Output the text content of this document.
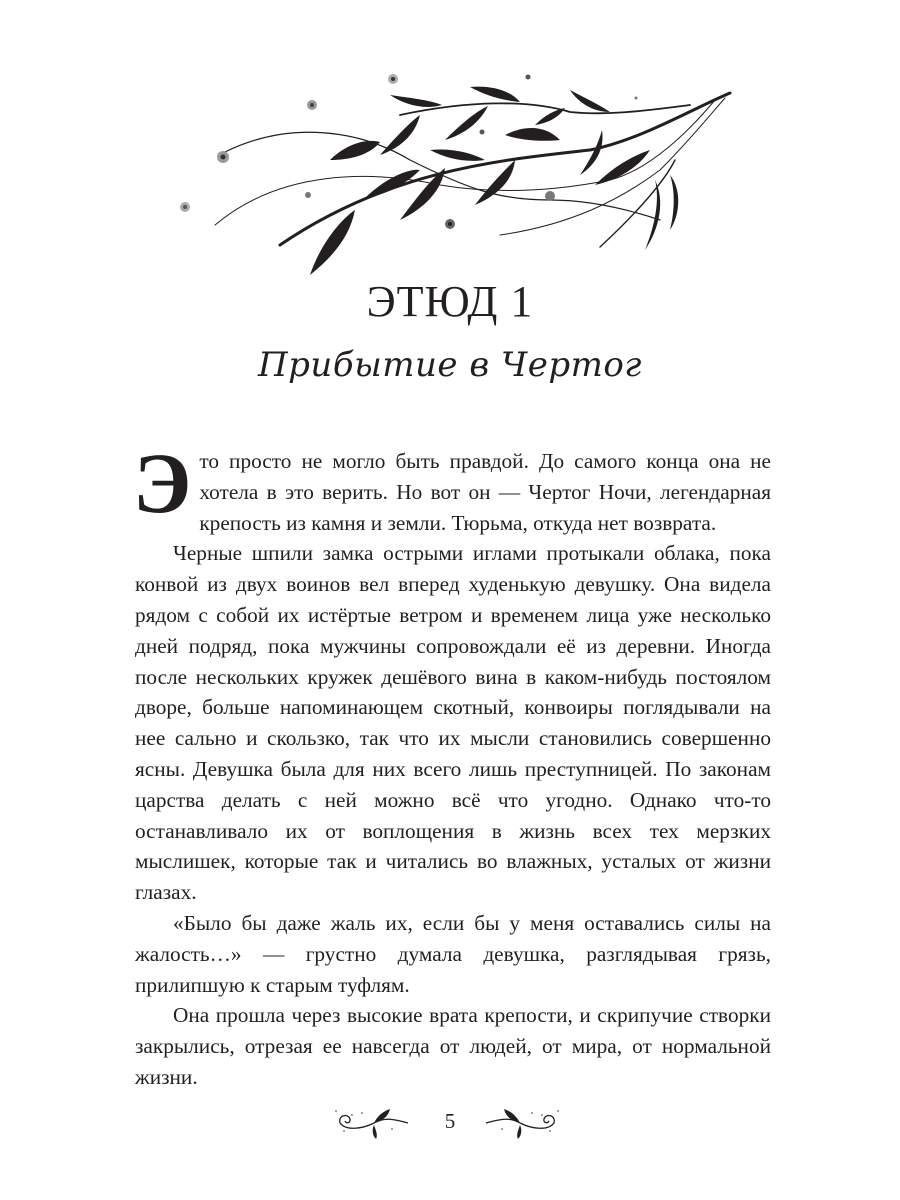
ЭТЮД 1
Прибытие в Чертог

Это просто не могло быть правдой. До самого конца она не хотела в это верить. Но вот он — Чертог Ночи, легендарная крепость из камня и земли. Тюрьма, откуда нет возврата.

Черные шпили замка острыми иглами протыкали облака, пока конвой из двух воинов вел вперед худенькую девушку. Она видела рядом с собой их истёртые ветром и временем лица уже несколько дней подряд, пока мужчины сопровождали её из деревни. Иногда после нескольких кружек дешёвого вина в каком-нибудь постоялом дворе, больше напоминающем скотный, конвоиры поглядывали на нее сально и скользко, так что их мысли становились совершенно ясны. Девушка была для них всего лишь преступницей. По законам царства делать с ней можно всё что угодно. Однако что-то останавливало их от воплощения в жизнь всех тех мерзких мыслишек, которые так и читались во влажных, усталых от жизни глазах.

«Было бы даже жаль их, если бы у меня оставались силы на жалость…» — грустно думала девушка, разглядывая грязь, прилипшую к старым туфлям.

Она прошла через высокие врата крепости, и скрипучие створки закрылись, отрезая ее навсегда от людей, от мира, от нормальной жизни.

5
